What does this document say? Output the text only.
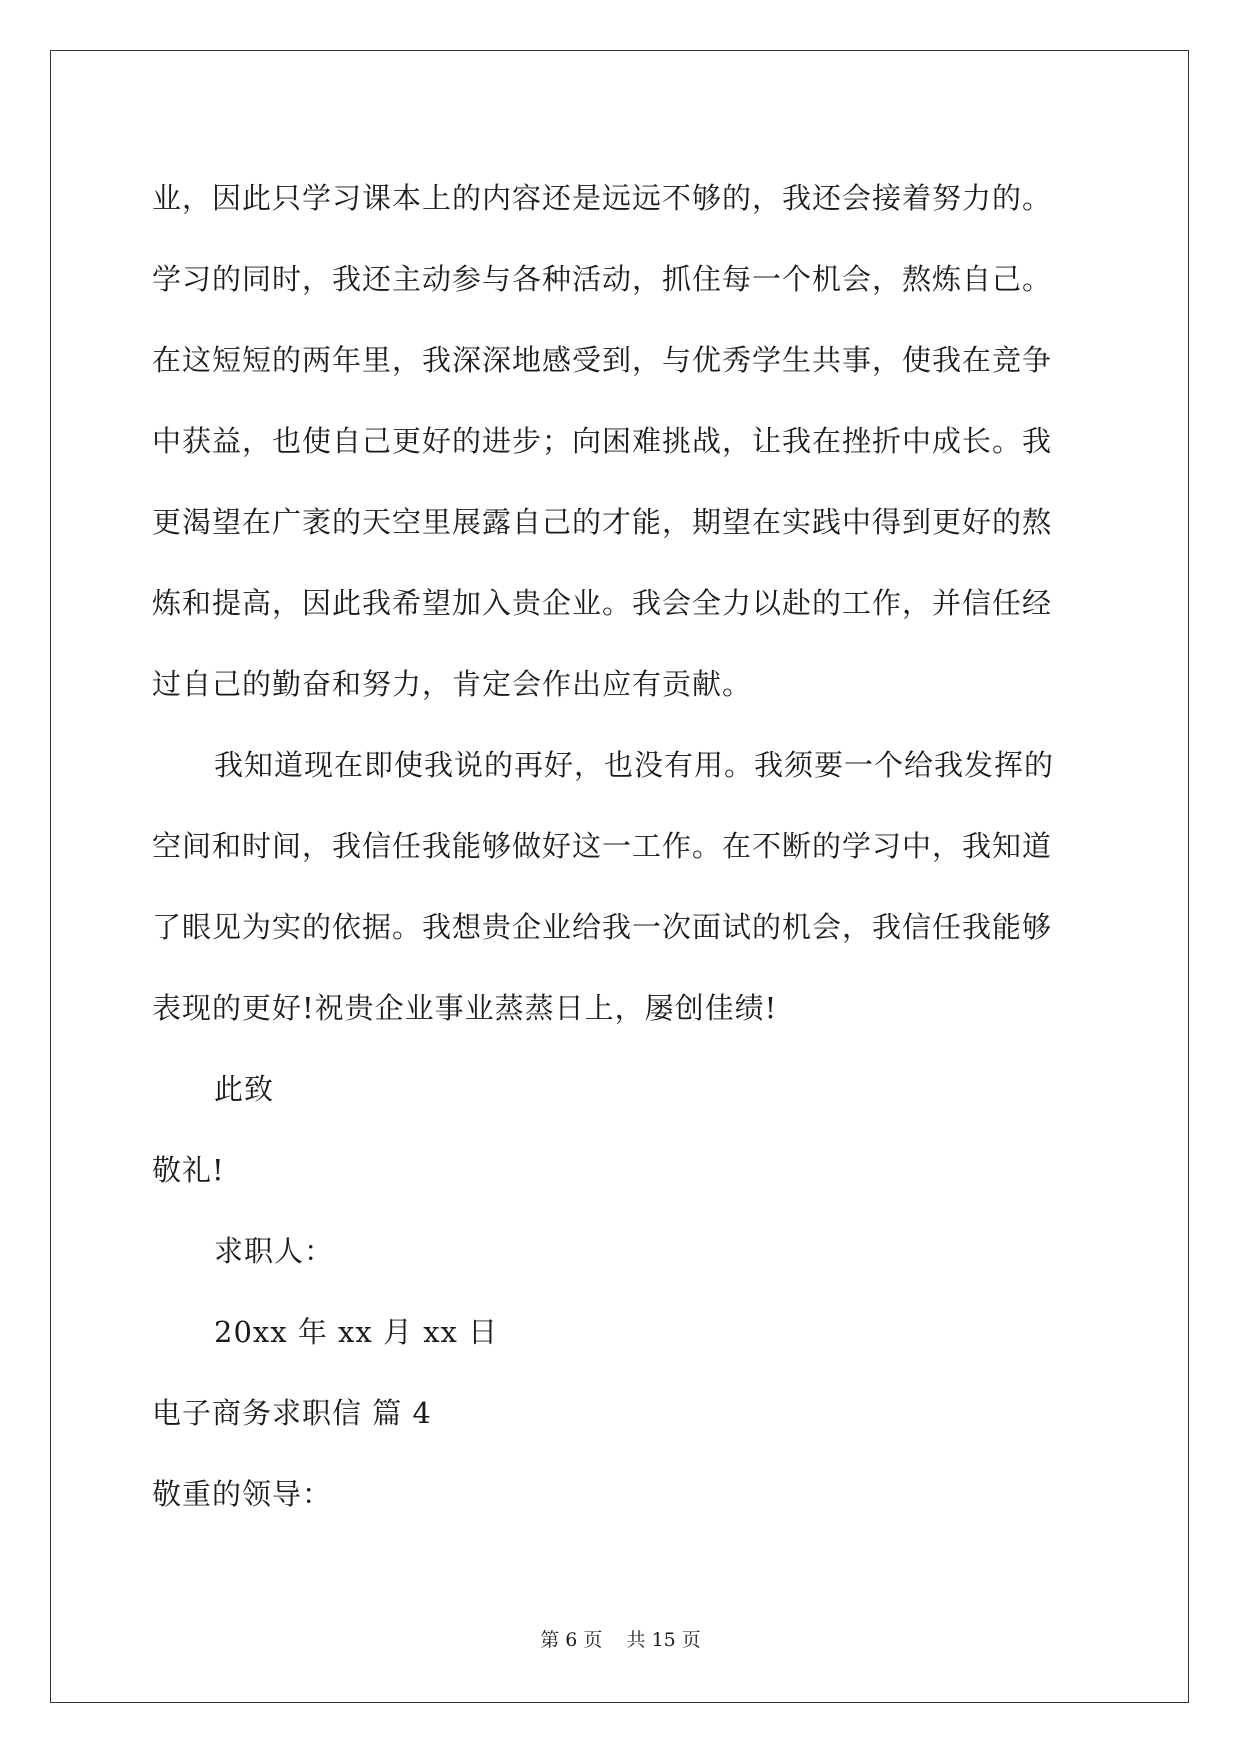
业，因此只学习课本上的内容还是远远不够的，我还会接着努力的。
学习的同时，我还主动参与各种活动，抓住每一个机会，熬炼自己。
在这短短的两年里，我深深地感受到，与优秀学生共事，使我在竞争
中获益，也使自己更好的进步；向困难挑战，让我在挫折中成长。我
更渴望在广袤的天空里展露自己的才能，期望在实践中得到更好的熬
炼和提高，因此我希望加入贵企业。我会全力以赴的工作，并信任经
过自己的勤奋和努力，肯定会作出应有贡献。
我知道现在即使我说的再好，也没有用。我须要一个给我发挥的
空间和时间，我信任我能够做好这一工作。在不断的学习中，我知道
了眼见为实的依据。我想贵企业给我一次面试的机会，我信任我能够
表现的更好!祝贵企业事业蒸蒸日上，屡创佳绩!
此致
敬礼!
求职人：
20xx 年 xx 月 xx 日
电子商务求职信 篇 4
敬重的领导：
第 6 页 共 15 页
